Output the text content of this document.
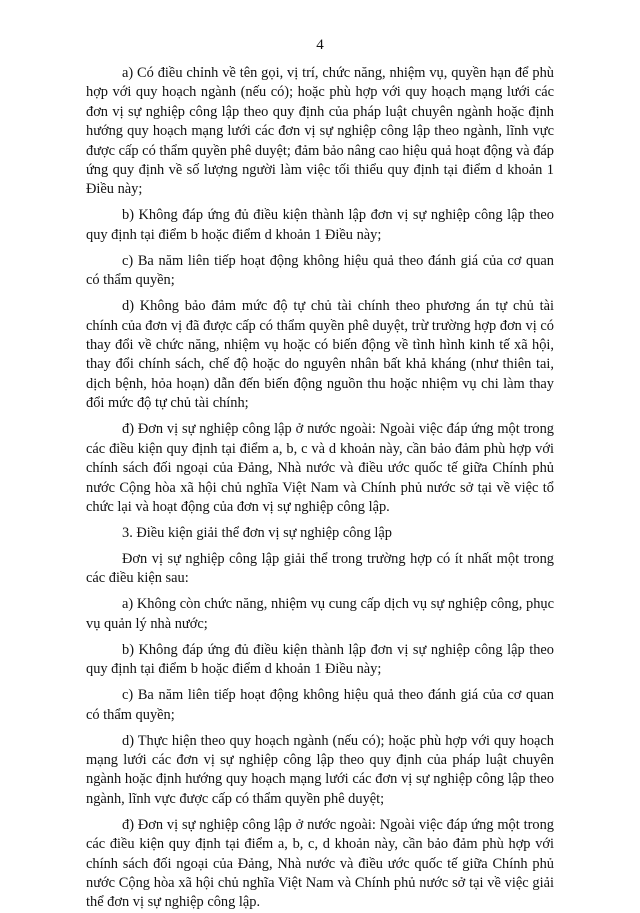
4

a) Có điều chỉnh về tên gọi, vị trí, chức năng, nhiệm vụ, quyền hạn để phù hợp với quy hoạch ngành (nếu có); hoặc phù hợp với quy hoạch mạng lưới các đơn vị sự nghiệp công lập theo quy định của pháp luật chuyên ngành hoặc định hướng quy hoạch mạng lưới các đơn vị sự nghiệp công lập theo ngành, lĩnh vực được cấp có thẩm quyền phê duyệt; đảm bảo nâng cao hiệu quả hoạt động và đáp ứng quy định về số lượng người làm việc tối thiểu quy định tại điểm d khoản 1 Điều này;

b) Không đáp ứng đủ điều kiện thành lập đơn vị sự nghiệp công lập theo quy định tại điểm b hoặc điểm d khoản 1 Điều này;

c) Ba năm liên tiếp hoạt động không hiệu quả theo đánh giá của cơ quan có thẩm quyền;

d) Không bảo đảm mức độ tự chủ tài chính theo phương án tự chủ tài chính của đơn vị đã được cấp có thẩm quyền phê duyệt, trừ trường hợp đơn vị có thay đổi về chức năng, nhiệm vụ hoặc có biến động về tình hình kinh tế xã hội, thay đổi chính sách, chế độ hoặc do nguyên nhân bất khả kháng (như thiên tai, dịch bệnh, hỏa hoạn) dẫn đến biến động nguồn thu hoặc nhiệm vụ chi làm thay đổi mức độ tự chủ tài chính;

đ) Đơn vị sự nghiệp công lập ở nước ngoài: Ngoài việc đáp ứng một trong các điều kiện quy định tại điểm a, b, c và d khoản này, cần bảo đảm phù hợp với chính sách đối ngoại của Đảng, Nhà nước và điều ước quốc tế giữa Chính phủ nước Cộng hòa xã hội chủ nghĩa Việt Nam và Chính phủ nước sở tại về việc tổ chức lại và hoạt động của đơn vị sự nghiệp công lập.

3. Điều kiện giải thể đơn vị sự nghiệp công lập

Đơn vị sự nghiệp công lập giải thể trong trường hợp có ít nhất một trong các điều kiện sau:

a) Không còn chức năng, nhiệm vụ cung cấp dịch vụ sự nghiệp công, phục vụ quản lý nhà nước;

b) Không đáp ứng đủ điều kiện thành lập đơn vị sự nghiệp công lập theo quy định tại điểm b hoặc điểm d khoản 1 Điều này;

c) Ba năm liên tiếp hoạt động không hiệu quả theo đánh giá của cơ quan có thẩm quyền;

d) Thực hiện theo quy hoạch ngành (nếu có); hoặc phù hợp với quy hoạch mạng lưới các đơn vị sự nghiệp công lập theo quy định của pháp luật chuyên ngành hoặc định hướng quy hoạch mạng lưới các đơn vị sự nghiệp công lập theo ngành, lĩnh vực được cấp có thẩm quyền phê duyệt;

đ) Đơn vị sự nghiệp công lập ở nước ngoài: Ngoài việc đáp ứng một trong các điều kiện quy định tại điểm a, b, c, d khoản này, cần bảo đảm phù hợp với chính sách đối ngoại của Đảng, Nhà nước và điều ước quốc tế giữa Chính phủ nước Cộng hòa xã hội chủ nghĩa Việt Nam và Chính phủ nước sở tại về việc giải thể đơn vị sự nghiệp công lập.
